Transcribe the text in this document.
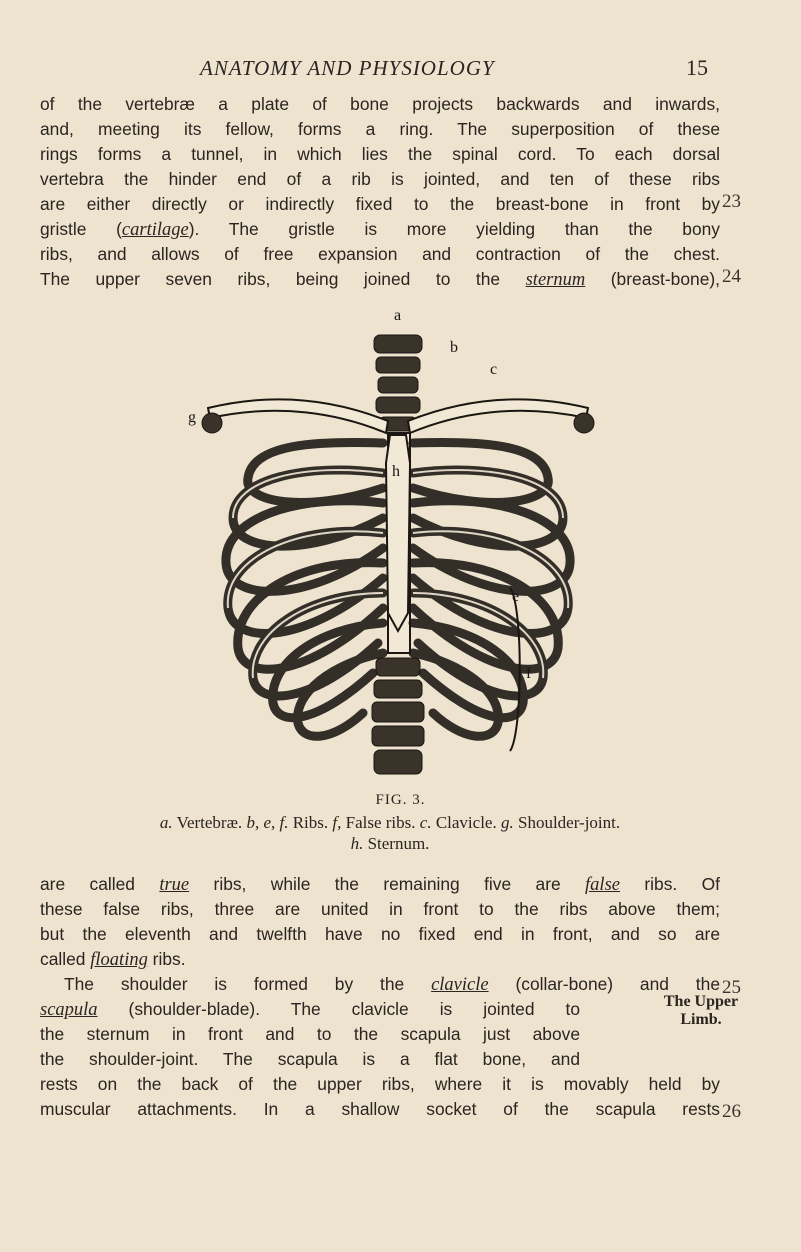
ANATOMY AND PHYSIOLOGY	15
of the vertebræ a plate of bone projects backwards and inwards,
and, meeting its fellow, forms a ring. The superposition of these
rings forms a tunnel, in which lies the spinal cord. To each dorsal
vertebra the hinder end of a rib is jointed, and ten of these ribs
are either directly or indirectly fixed to the breast-bone in front by
gristle (cartilage). The gristle is more yielding than the bony
ribs, and allows of free expansion and contraction of the chest.
The upper seven ribs, being joined to the sternum (breast-bone),
23
24
a
b
c
g
h
e
f
FIG. 3.
a. Vertebræ. b, e, f. Ribs. f, False ribs. c. Clavicle. g. Shoulder-joint.
h. Sternum.
are called true ribs, while the remaining five are false ribs. Of
these false ribs, three are united in front to the ribs above them;
but the eleventh and twelfth have no fixed end in front, and so are
called floating ribs.
The shoulder is formed by the clavicle (collar-bone) and the
scapula (shoulder-blade). The clavicle is jointed to
the sternum in front and to the scapula just above
the shoulder-joint. The scapula is a flat bone, and
rests on the back of the upper ribs, where it is movably held by
muscular attachments. In a shallow socket of the scapula rests
25
26
The Upper
Limb.
